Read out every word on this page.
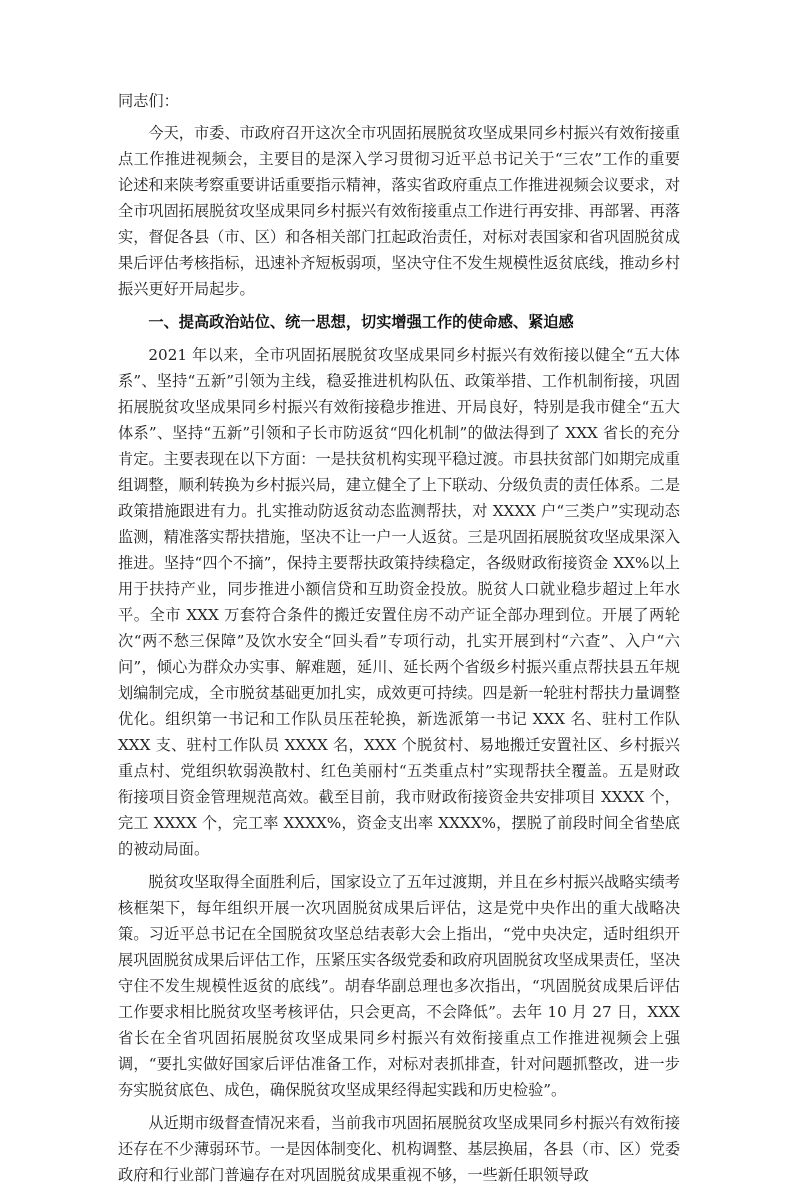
同志们：

今天，市委、市政府召开这次全市巩固拓展脱贫攻坚成果同乡村振兴有效衔接重点工作推进视频会，主要目的是深入学习贯彻习近平总书记关于“三农”工作的重要论述和来陕考察重要讲话重要指示精神，落实省政府重点工作推进视频会议要求，对全市巩固拓展脱贫攻坚成果同乡村振兴有效衔接重点工作进行再安排、再部署、再落实，督促各县（市、区）和各相关部门扛起政治责任，对标对表国家和省巩固脱贫成果后评估考核指标，迅速补齐短板弱项，坚决守住不发生规模性返贫底线，推动乡村振兴更好开局起步。

一、提高政治站位、统一思想，切实增强工作的使命感、紧迫感

2021 年以来，全市巩固拓展脱贫攻坚成果同乡村振兴有效衔接以健全“五大体系”、坚持“五新”引领为主线，稳妥推进机构队伍、政策举措、工作机制衔接，巩固拓展脱贫攻坚成果同乡村振兴有效衔接稳步推进、开局良好，特别是我市健全“五大体系”、坚持“五新”引领和子长市防返贫“四化机制”的做法得到了 XXX 省长的充分肯定。主要表现在以下方面：一是扶贫机构实现平稳过渡。市县扶贫部门如期完成重组调整，顺利转换为乡村振兴局，建立健全了上下联动、分级负责的责任体系。二是政策措施跟进有力。扎实推动防返贫动态监测帮扶，对 XXXX 户“三类户”实现动态监测，精准落实帮扶措施，坚决不让一户一人返贫。三是巩固拓展脱贫攻坚成果深入推进。坚持“四个不摘”，保持主要帮扶政策持续稳定，各级财政衔接资金 XX%以上用于扶持产业，同步推进小额信贷和互助资金投放。脱贫人口就业稳步超过上年水平。全市 XXX 万套符合条件的搬迁安置住房不动产证全部办理到位。开展了两轮次“两不愁三保障”及饮水安全“回头看”专项行动，扎实开展到村“六查”、入户“六问”，倾心为群众办实事、解难题，延川、延长两个省级乡村振兴重点帮扶县五年规划编制完成，全市脱贫基础更加扎实，成效更可持续。四是新一轮驻村帮扶力量调整优化。组织第一书记和工作队员压茬轮换，新选派第一书记 XXX 名、驻村工作队 XXX 支、驻村工作队员 XXXX 名，XXX 个脱贫村、易地搬迁安置社区、乡村振兴重点村、党组织软弱涣散村、红色美丽村“五类重点村”实现帮扶全覆盖。五是财政衔接项目资金管理规范高效。截至目前，我市财政衔接资金共安排项目 XXXX 个，完工 XXXX 个，完工率 XXXX%，资金支出率 XXXX%，摆脱了前段时间全省垫底的被动局面。

脱贫攻坚取得全面胜利后，国家设立了五年过渡期，并且在乡村振兴战略实绩考核框架下，每年组织开展一次巩固脱贫成果后评估，这是党中央作出的重大战略决策。习近平总书记在全国脱贫攻坚总结表彰大会上指出，“党中央决定，适时组织开展巩固脱贫成果后评估工作，压紧压实各级党委和政府巩固脱贫攻坚成果责任，坚决守住不发生规模性返贫的底线”。胡春华副总理也多次指出，“巩固脱贫成果后评估工作要求相比脱贫攻坚考核评估，只会更高，不会降低”。去年 10 月 27 日，XXX 省长在全省巩固拓展脱贫攻坚成果同乡村振兴有效衔接重点工作推进视频会上强调，“要扎实做好国家后评估准备工作，对标对表抓排查，针对问题抓整改，进一步夯实脱贫底色、成色，确保脱贫攻坚成果经得起实践和历史检验”。

从近期市级督查情况来看，当前我市巩固拓展脱贫攻坚成果同乡村振兴有效衔接还存在不少薄弱环节。一是因体制变化、机构调整、基层换届，各县（市、区）党委政府和行业部门普遍存在对巩固脱贫成果重视不够，一些新任职领导政
